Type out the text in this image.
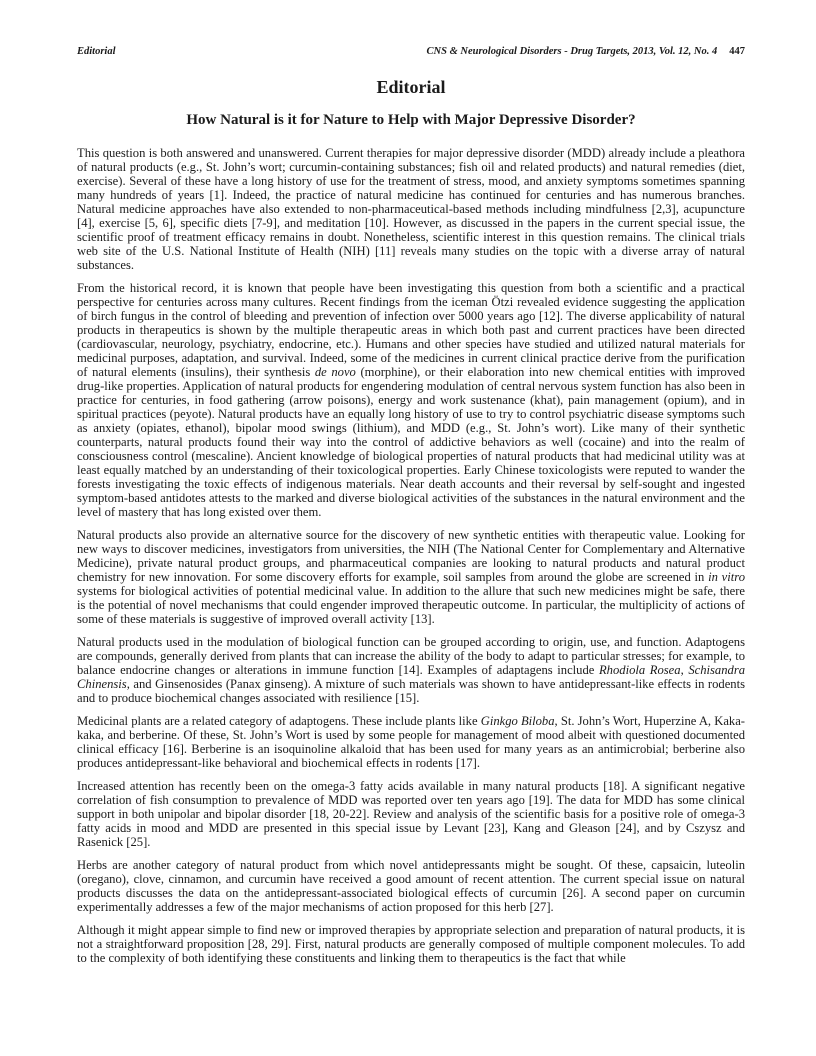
Editorial	CNS & Neurological Disorders - Drug Targets, 2013, Vol. 12, No. 4 447
Editorial
How Natural is it for Nature to Help with Major Depressive Disorder?

This question is both answered and unanswered. Current therapies for major depressive disorder (MDD) already include a pleathora of natural products (e.g., St. John’s wort; curcumin-containing substances; fish oil and related products) and natural remedies (diet, exercise). Several of these have a long history of use for the treatment of stress, mood, and anxiety symptoms sometimes spanning many hundreds of years [1]. Indeed, the practice of natural medicine has continued for centuries and has numerous branches. Natural medicine approaches have also extended to non-pharmaceutical-based methods including mindfulness [2,3], acupuncture [4], exercise [5, 6], specific diets [7-9], and meditation [10]. However, as discussed in the papers in the current special issue, the scientific proof of treatment efficacy remains in doubt. Nonetheless, scientific interest in this question remains. The clinical trials web site of the U.S. National Institute of Health (NIH) [11] reveals many studies on the topic with a diverse array of natural substances.

From the historical record, it is known that people have been investigating this question from both a scientific and a practical perspective for centuries across many cultures. Recent findings from the iceman Ötzi revealed evidence suggesting the application of birch fungus in the control of bleeding and prevention of infection over 5000 years ago [12]. The diverse applicability of natural products in therapeutics is shown by the multiple therapeutic areas in which both past and current practices have been directed (cardiovascular, neurology, psychiatry, endocrine, etc.). Humans and other species have studied and utilized natural materials for medicinal purposes, adaptation, and survival. Indeed, some of the medicines in current clinical practice derive from the purification of natural elements (insulins), their synthesis de novo (morphine), or their elaboration into new chemical entities with improved drug-like properties. Application of natural products for engendering modulation of central nervous system function has also been in practice for centuries, in food gathering (arrow poisons), energy and work sustenance (khat), pain management (opium), and in spiritual practices (peyote). Natural products have an equally long history of use to try to control psychiatric disease symptoms such as anxiety (opiates, ethanol), bipolar mood swings (lithium), and MDD (e.g., St. John’s wort). Like many of their synthetic counterparts, natural products found their way into the control of addictive behaviors as well (cocaine) and into the realm of consciousness control (mescaline). Ancient knowledge of biological properties of natural products that had medicinal utility was at least equally matched by an understanding of their toxicological properties. Early Chinese toxicologists were reputed to wander the forests investigating the toxic effects of indigenous materials. Near death accounts and their reversal by self-sought and ingested symptom-based antidotes attests to the marked and diverse biological activities of the substances in the natural environment and the level of mastery that has long existed over them.

Natural products also provide an alternative source for the discovery of new synthetic entities with therapeutic value. Looking for new ways to discover medicines, investigators from universities, the NIH (The National Center for Complementary and Alternative Medicine), private natural product groups, and pharmaceutical companies are looking to natural products and natural product chemistry for new innovation. For some discovery efforts for example, soil samples from around the globe are screened in in vitro systems for biological activities of potential medicinal value. In addition to the allure that such new medicines might be safe, there is the potential of novel mechanisms that could engender improved therapeutic outcome. In particular, the multiplicity of actions of some of these materials is suggestive of improved overall activity [13].

Natural products used in the modulation of biological function can be grouped according to origin, use, and function. Adaptogens are compounds, generally derived from plants that can increase the ability of the body to adapt to particular stresses; for example, to balance endocrine changes or alterations in immune function [14]. Examples of adaptagens include Rhodiola Rosea, Schisandra Chinensis, and Ginsenosides (Panax ginseng). A mixture of such materials was shown to have antidepressant-like effects in rodents and to produce biochemical changes associated with resilience [15].

Medicinal plants are a related category of adaptogens. These include plants like Ginkgo Biloba, St. John’s Wort, Huperzine A, Kaka-kaka, and berberine. Of these, St. John’s Wort is used by some people for management of mood albeit with questioned documented clinical efficacy [16]. Berberine is an isoquinoline alkaloid that has been used for many years as an antimicrobial; berberine also produces antidepressant-like behavioral and biochemical effects in rodents [17].

Increased attention has recently been on the omega-3 fatty acids available in many natural products [18]. A significant negative correlation of fish consumption to prevalence of MDD was reported over ten years ago [19]. The data for MDD has some clinical support in both unipolar and bipolar disorder [18, 20-22]. Review and analysis of the scientific basis for a positive role of omega-3 fatty acids in mood and MDD are presented in this special issue by Levant [23], Kang and Gleason [24], and by Cszysz and Rasenick [25].

Herbs are another category of natural product from which novel antidepressants might be sought. Of these, capsaicin, luteolin (oregano), clove, cinnamon, and curcumin have received a good amount of recent attention. The current special issue on natural products discusses the data on the antidepressant-associated biological effects of curcumin [26]. A second paper on curcumin experimentally addresses a few of the major mechanisms of action proposed for this herb [27].

Although it might appear simple to find new or improved therapies by appropriate selection and preparation of natural products, it is not a straightforward proposition [28, 29]. First, natural products are generally composed of multiple component molecules. To add to the complexity of both identifying these constituents and linking them to therapeutics is the fact that while
